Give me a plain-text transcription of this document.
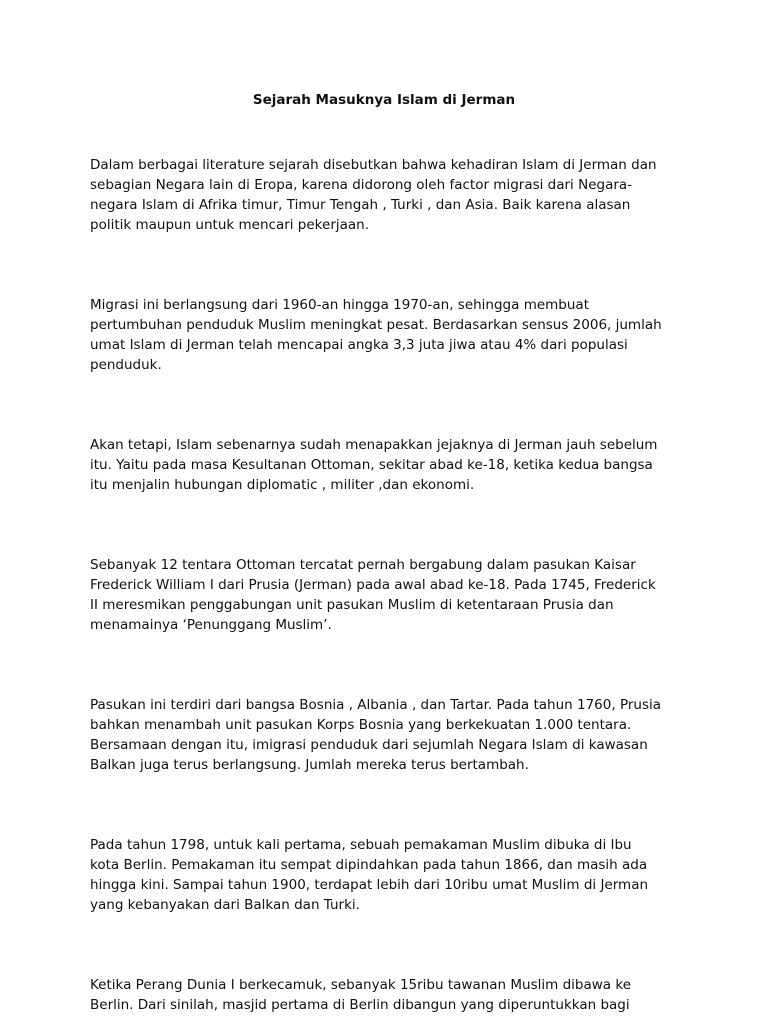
Sejarah Masuknya Islam di Jerman

Dalam berbagai literature sejarah disebutkan bahwa kehadiran Islam di Jerman dan
sebagian Negara lain di Eropa, karena didorong oleh factor migrasi dari Negara-
negara Islam di Afrika timur, Timur Tengah , Turki , dan Asia. Baik karena alasan
politik maupun untuk mencari pekerjaan.

Migrasi ini berlangsung dari 1960-an hingga 1970-an, sehingga membuat
pertumbuhan penduduk Muslim meningkat pesat. Berdasarkan sensus 2006, jumlah
umat Islam di Jerman telah mencapai angka 3,3 juta jiwa atau 4% dari populasi
penduduk.

Akan tetapi, Islam sebenarnya sudah menapakkan jejaknya di Jerman jauh sebelum
itu. Yaitu pada masa Kesultanan Ottoman, sekitar abad ke-18, ketika kedua bangsa
itu menjalin hubungan diplomatic , militer ,dan ekonomi.

Sebanyak 12 tentara Ottoman tercatat pernah bergabung dalam pasukan Kaisar
Frederick William I dari Prusia (Jerman) pada awal abad ke-18. Pada 1745, Frederick
II meresmikan penggabungan unit pasukan Muslim di ketentaraan Prusia dan
menamainya ‘Penunggang Muslim’.

Pasukan ini terdiri dari bangsa Bosnia , Albania , dan Tartar. Pada tahun 1760, Prusia
bahkan menambah unit pasukan Korps Bosnia yang berkekuatan 1.000 tentara.
Bersamaan dengan itu, imigrasi penduduk dari sejumlah Negara Islam di kawasan
Balkan juga terus berlangsung. Jumlah mereka terus bertambah.

Pada tahun 1798, untuk kali pertama, sebuah pemakaman Muslim dibuka di Ibu
kota Berlin. Pemakaman itu sempat dipindahkan pada tahun 1866, dan masih ada
hingga kini. Sampai tahun 1900, terdapat lebih dari 10ribu umat Muslim di Jerman
yang kebanyakan dari Balkan dan Turki.

Ketika Perang Dunia I berkecamuk, sebanyak 15ribu tawanan Muslim dibawa ke
Berlin. Dari sinilah, masjid pertama di Berlin dibangun yang diperuntukkan bagi
